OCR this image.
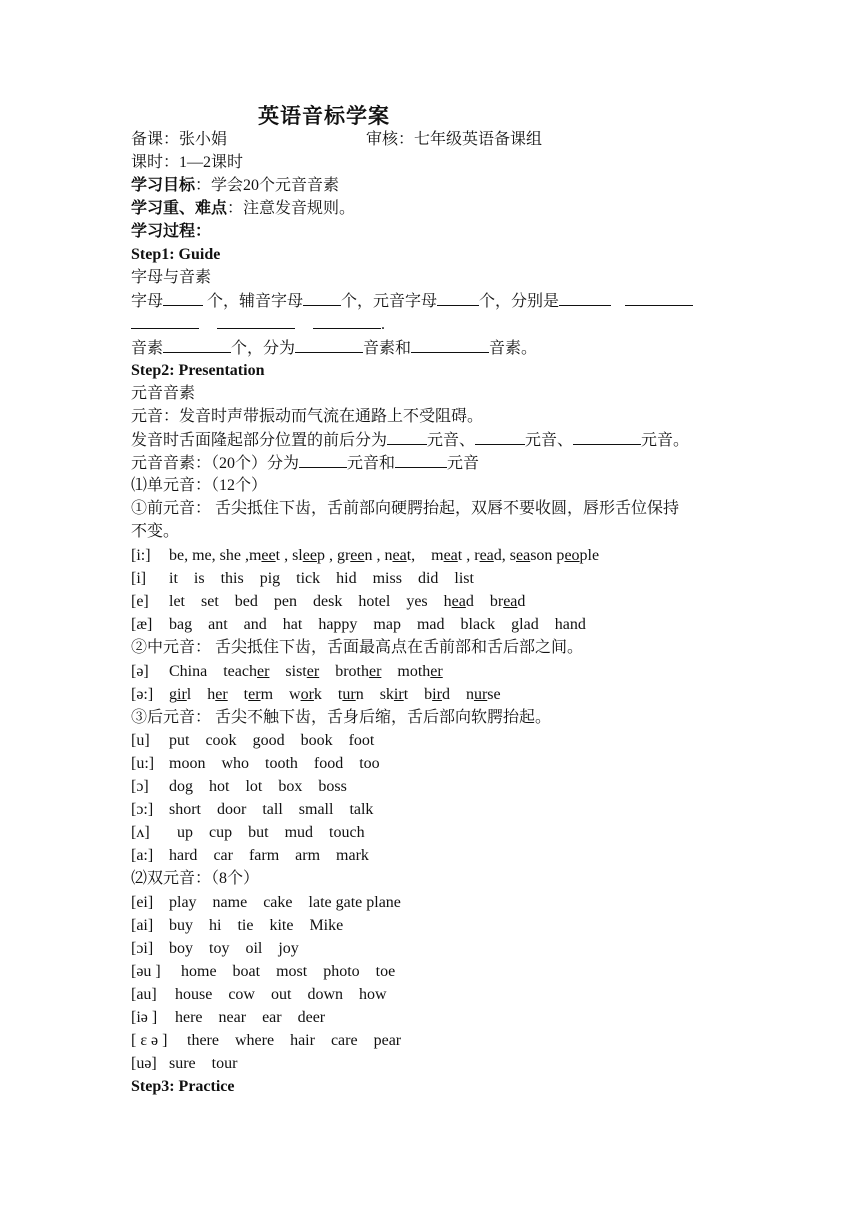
英语音标学案
备课：张小娟	审核：七年级英语备课组
课时：1—2课时
学习目标：学会20个元音音素
学习重、难点：注意发音规则。
学习过程：
Step1: Guide
字母与音素
字母	个，辅音字母 个，元音字母	个，分别是
.
音素	个，分为	音素和	音素。
Step2: Presentation
元音音素
元音：发音时声带振动而气流在通路上不受阻碍。
发音时舌面隆起部分位置的前后分为	元音、	元音、	元音。
元音音素：（20个）分为	元音和	元音
⑴单元音：（12个）
①前元音： 舌尖抵住下齿，舌前部向硬腭抬起，双唇不要收圆，唇形舌位保持
不变。
[i:] be, me, she ,meet , sleep , green , neat,    meat , read, season people
[i] it is this pig tick hid miss did list
[e] let set bed pen desk hotel yes head bread
[æ] bag ant and hat happy map mad black glad hand
②中元音： 舌尖抵住下齿，舌面最高点在舌前部和舌后部之间。
[ə] China teacher sister brother mother
[ə:] girl her term work turn skirt bird nurse
③后元音： 舌尖不触下齿，舌身后缩，舌后部向软腭抬起。
[u] put cook good book foot
[u:] moon who tooth food too
[ɔ] dog hot lot box boss
[ɔ:] short door tall small talk
[ʌ] up cup but mud touch
[a:] hard car farm arm mark
⑵双元音：（8个）
[ei] play name cake late gate plane
[ai] buy hi tie kite Mike
[ɔi] boy toy oil joy
[əu ] home boat most photo toe
[au] house cow out down how
[iə ] here near ear deer
[ ε ə ] there where hair care pear
[uə] sure tour
Step3: Practice
